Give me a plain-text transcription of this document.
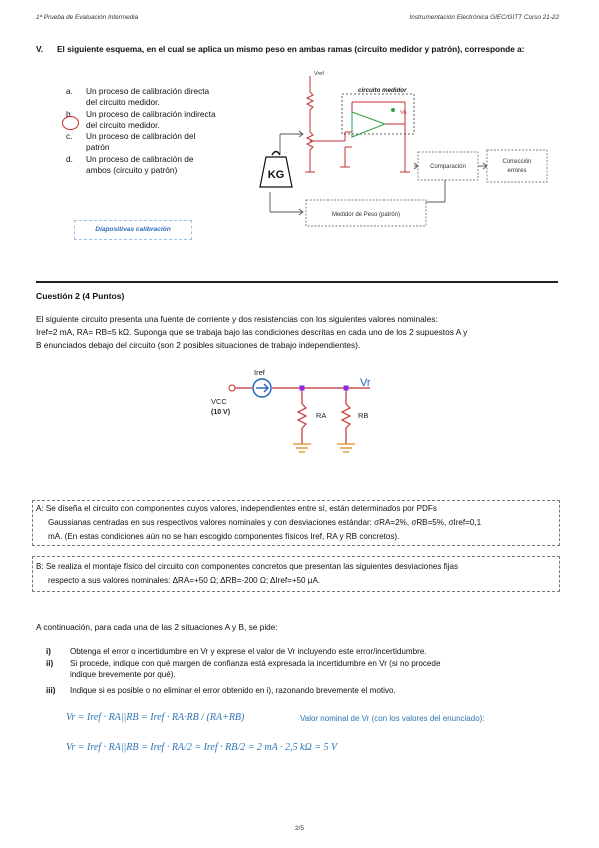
1ª Prueba de Evaluación Intermedia	Instrumentación Electrónica GIEC/GITT Curso 21-22
V. El siguiente esquema, en el cual se aplica un mismo peso en ambas ramas (circuito medidor y patrón), corresponde a:
a.	Un proceso de calibración directa
del circuito medidor.
b.	Un proceso de calibración indirecta
del circuito medidor.
c.	Un proceso de calibración del
patrón
d.	Un proceso de calibración de
ambos (circuito y patrón)
Diapositivas calibración
Vref
circuito medidor
Vo
KG
Comparación
Corrección
errores
Medidor de Peso (patrón)
Cuestión 2 (4 Puntos)
El siguiente circuito presenta una fuente de corriente y dos resistencias con los siguientes valores nominales:
Iref=2 mA, RA= RB=5 kΩ. Suponga que se trabaja bajo las condiciones descritas en cada uno de los 2 supuestos A y
B enunciados debajo del circuito (son 2 posibles situaciones de trabajo independientes).
Iref
VCC
(10 V)	RA	RB
Vr
A: Se diseña el circuito con componentes cuyos valores, independientes entre sí, están determinados por PDFs
Gaussianas centradas en sus respectivos valores nominales y con desviaciones estándar: σRA=2%, σRB=5%, σIref=0,1
mA. (En estas condiciones aún no se han escogido componentes físicos Iref, RA y RB concretos).
B: Se realiza el montaje físico del circuito con componentes concretos que presentan las siguientes desviaciones fijas
respecto a sus valores nominales: ΔRA=+50 Ω; ΔRB=-200 Ω; ΔIref=+50 μA.
A continuación, para cada una de las 2 situaciones A y B, se pide:
i) Obtenga el error o incertidumbre en Vr y exprese el valor de Vr incluyendo este error/incertidumbre.
ii) Si procede, indique con qué margen de confianza está expresada la incertidumbre en Vr (si no procede
indique brevemente por qué).
iii) Indique si es posible o no eliminar el error obtenido en i), razonando brevemente el motivo.
Vr = Iref · RA||RB = Iref · RA·RB / (RA+RB)	Valor nominal de Vr (con los valores del enunciado):
Vr = Iref · RA||RB = Iref · RA/2 = Iref · RB/2 = 2 mA · 2,5 kΩ = 5 V
2/5
